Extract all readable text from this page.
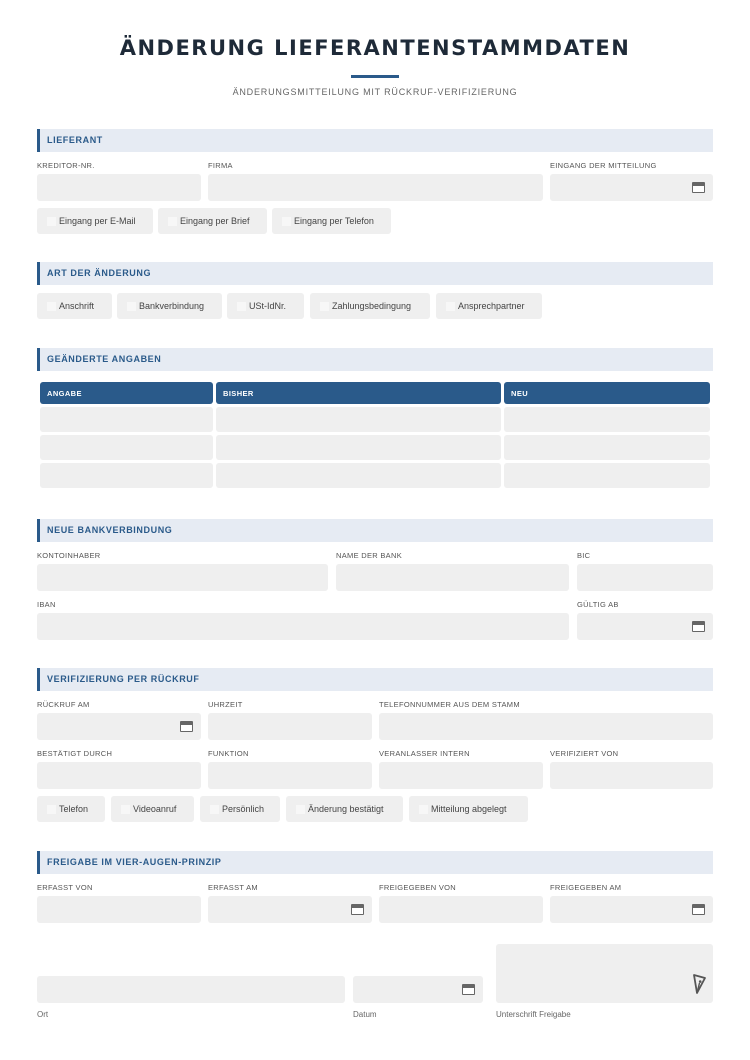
ÄNDERUNG LIEFERANTENSTAMMDATEN
ÄNDERUNGSMITTEILUNG MIT RÜCKRUF-VERIFIZIERUNG
LIEFERANT
KREDITOR-NR.	FIRMA	EINGANG DER MITTEILUNG
Eingang per E-Mail	Eingang per Brief	Eingang per Telefon
ART DER ÄNDERUNG
Anschrift	Bankverbindung	USt-IdNr.	Zahlungsbedingung	Ansprechpartner
GEÄNDERTE ANGABEN
ANGABE	BISHER	NEU
NEUE BANKVERBINDUNG
KONTOINHABER	NAME DER BANK	BIC
IBAN	GÜLTIG AB
VERIFIZIERUNG PER RÜCKRUF
RÜCKRUF AM	UHRZEIT	TELEFONNUMMER AUS DEM STAMM
BESTÄTIGT DURCH	FUNKTION	VERANLASSER INTERN	VERIFIZIERT VON
Telefon	Videoanruf	Persönlich	Änderung bestätigt	Mitteilung abgelegt
FREIGABE IM VIER-AUGEN-PRINZIP
ERFASST VON	ERFASST AM	FREIGEGEBEN VON	FREIGEGEBEN AM
Ort	Datum	Unterschrift Freigabe
